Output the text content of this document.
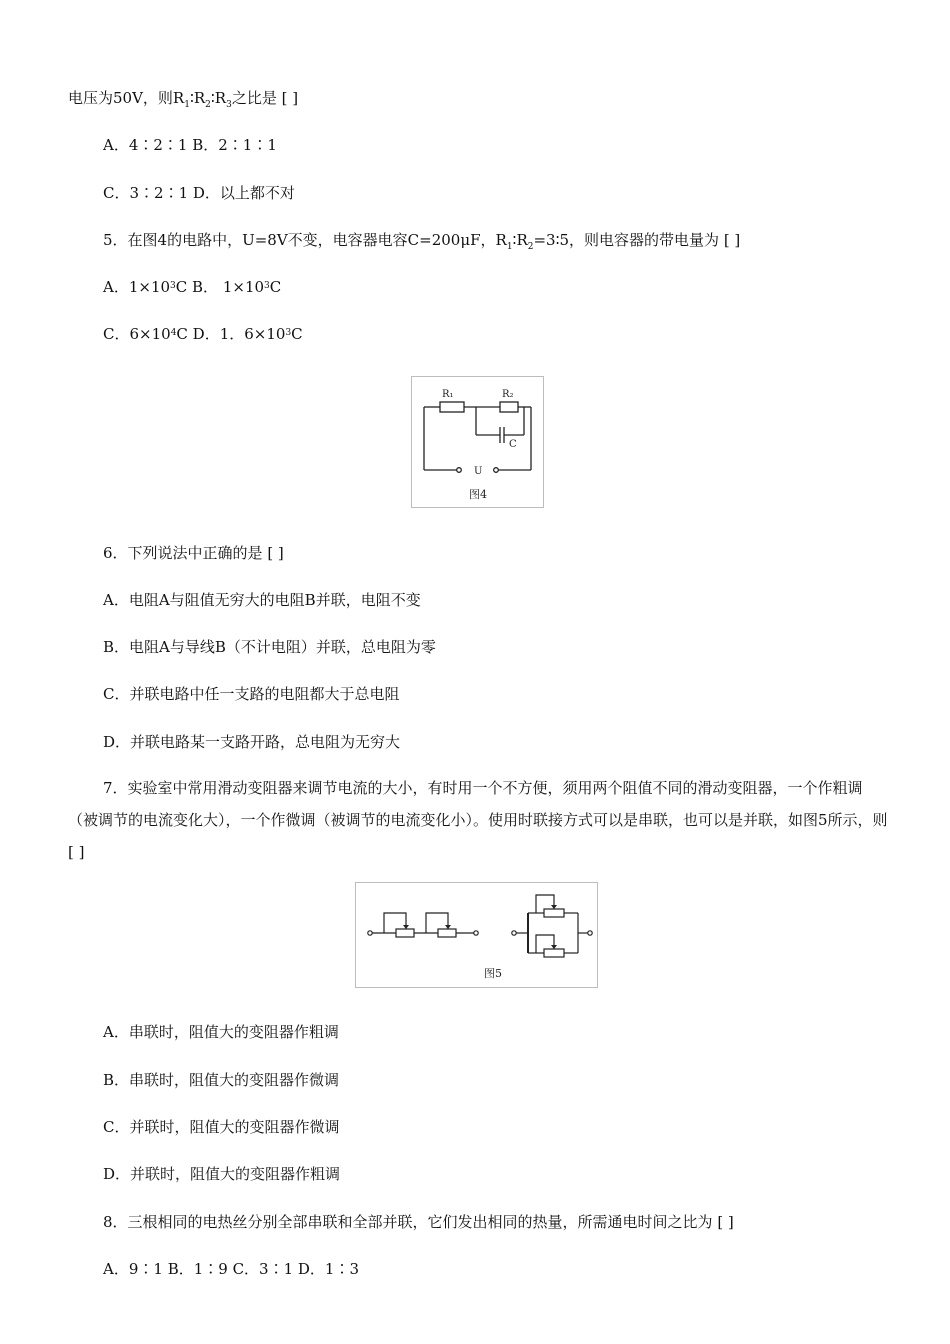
电压为50V，则$R_1∶R_2∶R_3$之比是 [ ]
A．4∶2∶1 B．2∶1∶1
C．3∶2∶1 D．以上都不对
5．在图4的电路中，U=8V不变，电容器电容C=200μF，$R_1∶R_2=3∶5$，则电容器的带电量为 [ ]
A．$1\times 10^3C$ B． $1\times 10^3C$
C．$6\times 10^4C$ D．1．$6\times 10^3C$
R₁	R₂
C
U
图4
6．下列说法中正确的是 [ ]
A．电阻A与阻值无穷大的电阻B并联，电阻不变
B．电阻A与导线B（不计电阻）并联，总电阻为零
C．并联电路中任一支路的电阻都大于总电阻
D．并联电路某一支路开路，总电阻为无穷大
7．实验室中常用滑动变阻器来调节电流的大小，有时用一个不方便，须用两个阻值不同的滑动变阻器，一个作粗调（被调节的电流变化大），一个作微调（被调节的电流变化小）。使用时联接方式可以是串联，也可以是并联，如图5所示，则 [ ]
图5
A．串联时，阻值大的变阻器作粗调
B．串联时，阻值大的变阻器作微调
C．并联时，阻值大的变阻器作微调
D．并联时，阻值大的变阻器作粗调
8．三根相同的电热丝分别全部串联和全部并联，它们发出相同的热量，所需通电时间之比为 [ ]
A．9∶1 B．1∶9 C．3∶1 D．1∶3
